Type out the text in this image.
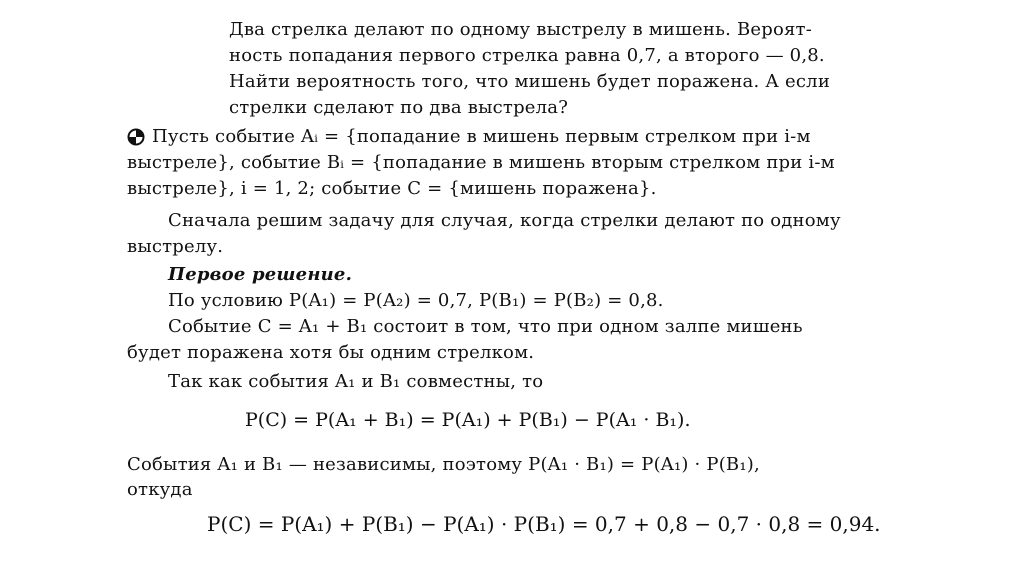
Два стрелка делают по одному выстрелу в мишень. Вероят-
ность попадания первого стрелка равна 0,7, а второго — 0,8.
Найти вероятность того, что мишень будет поражена. А если
стрелки сделают по два выстрела?
Пусть событие Aᵢ = {попадание в мишень первым стрелком при i-м
выстреле}, событие Bᵢ = {попадание в мишень вторым стрелком при i-м
выстреле}, i = 1, 2; событие C = {мишень поражена}.
Сначала решим задачу для случая, когда стрелки делают по одному
выстрелу.
Первое решение.
По условию P(A₁) = P(A₂) = 0,7, P(B₁) = P(B₂) = 0,8.
Событие C = A₁ + B₁ состоит в том, что при одном залпе мишень
будет поражена хотя бы одним стрелком.
Так как события A₁ и B₁ совместны, то
P(C) = P(A₁ + B₁) = P(A₁) + P(B₁) − P(A₁ · B₁).
События A₁ и B₁ — независимы, поэтому P(A₁ · B₁) = P(A₁) · P(B₁),
откуда
P(C) = P(A₁) + P(B₁) − P(A₁) · P(B₁) = 0,7 + 0,8 − 0,7 · 0,8 = 0,94.
